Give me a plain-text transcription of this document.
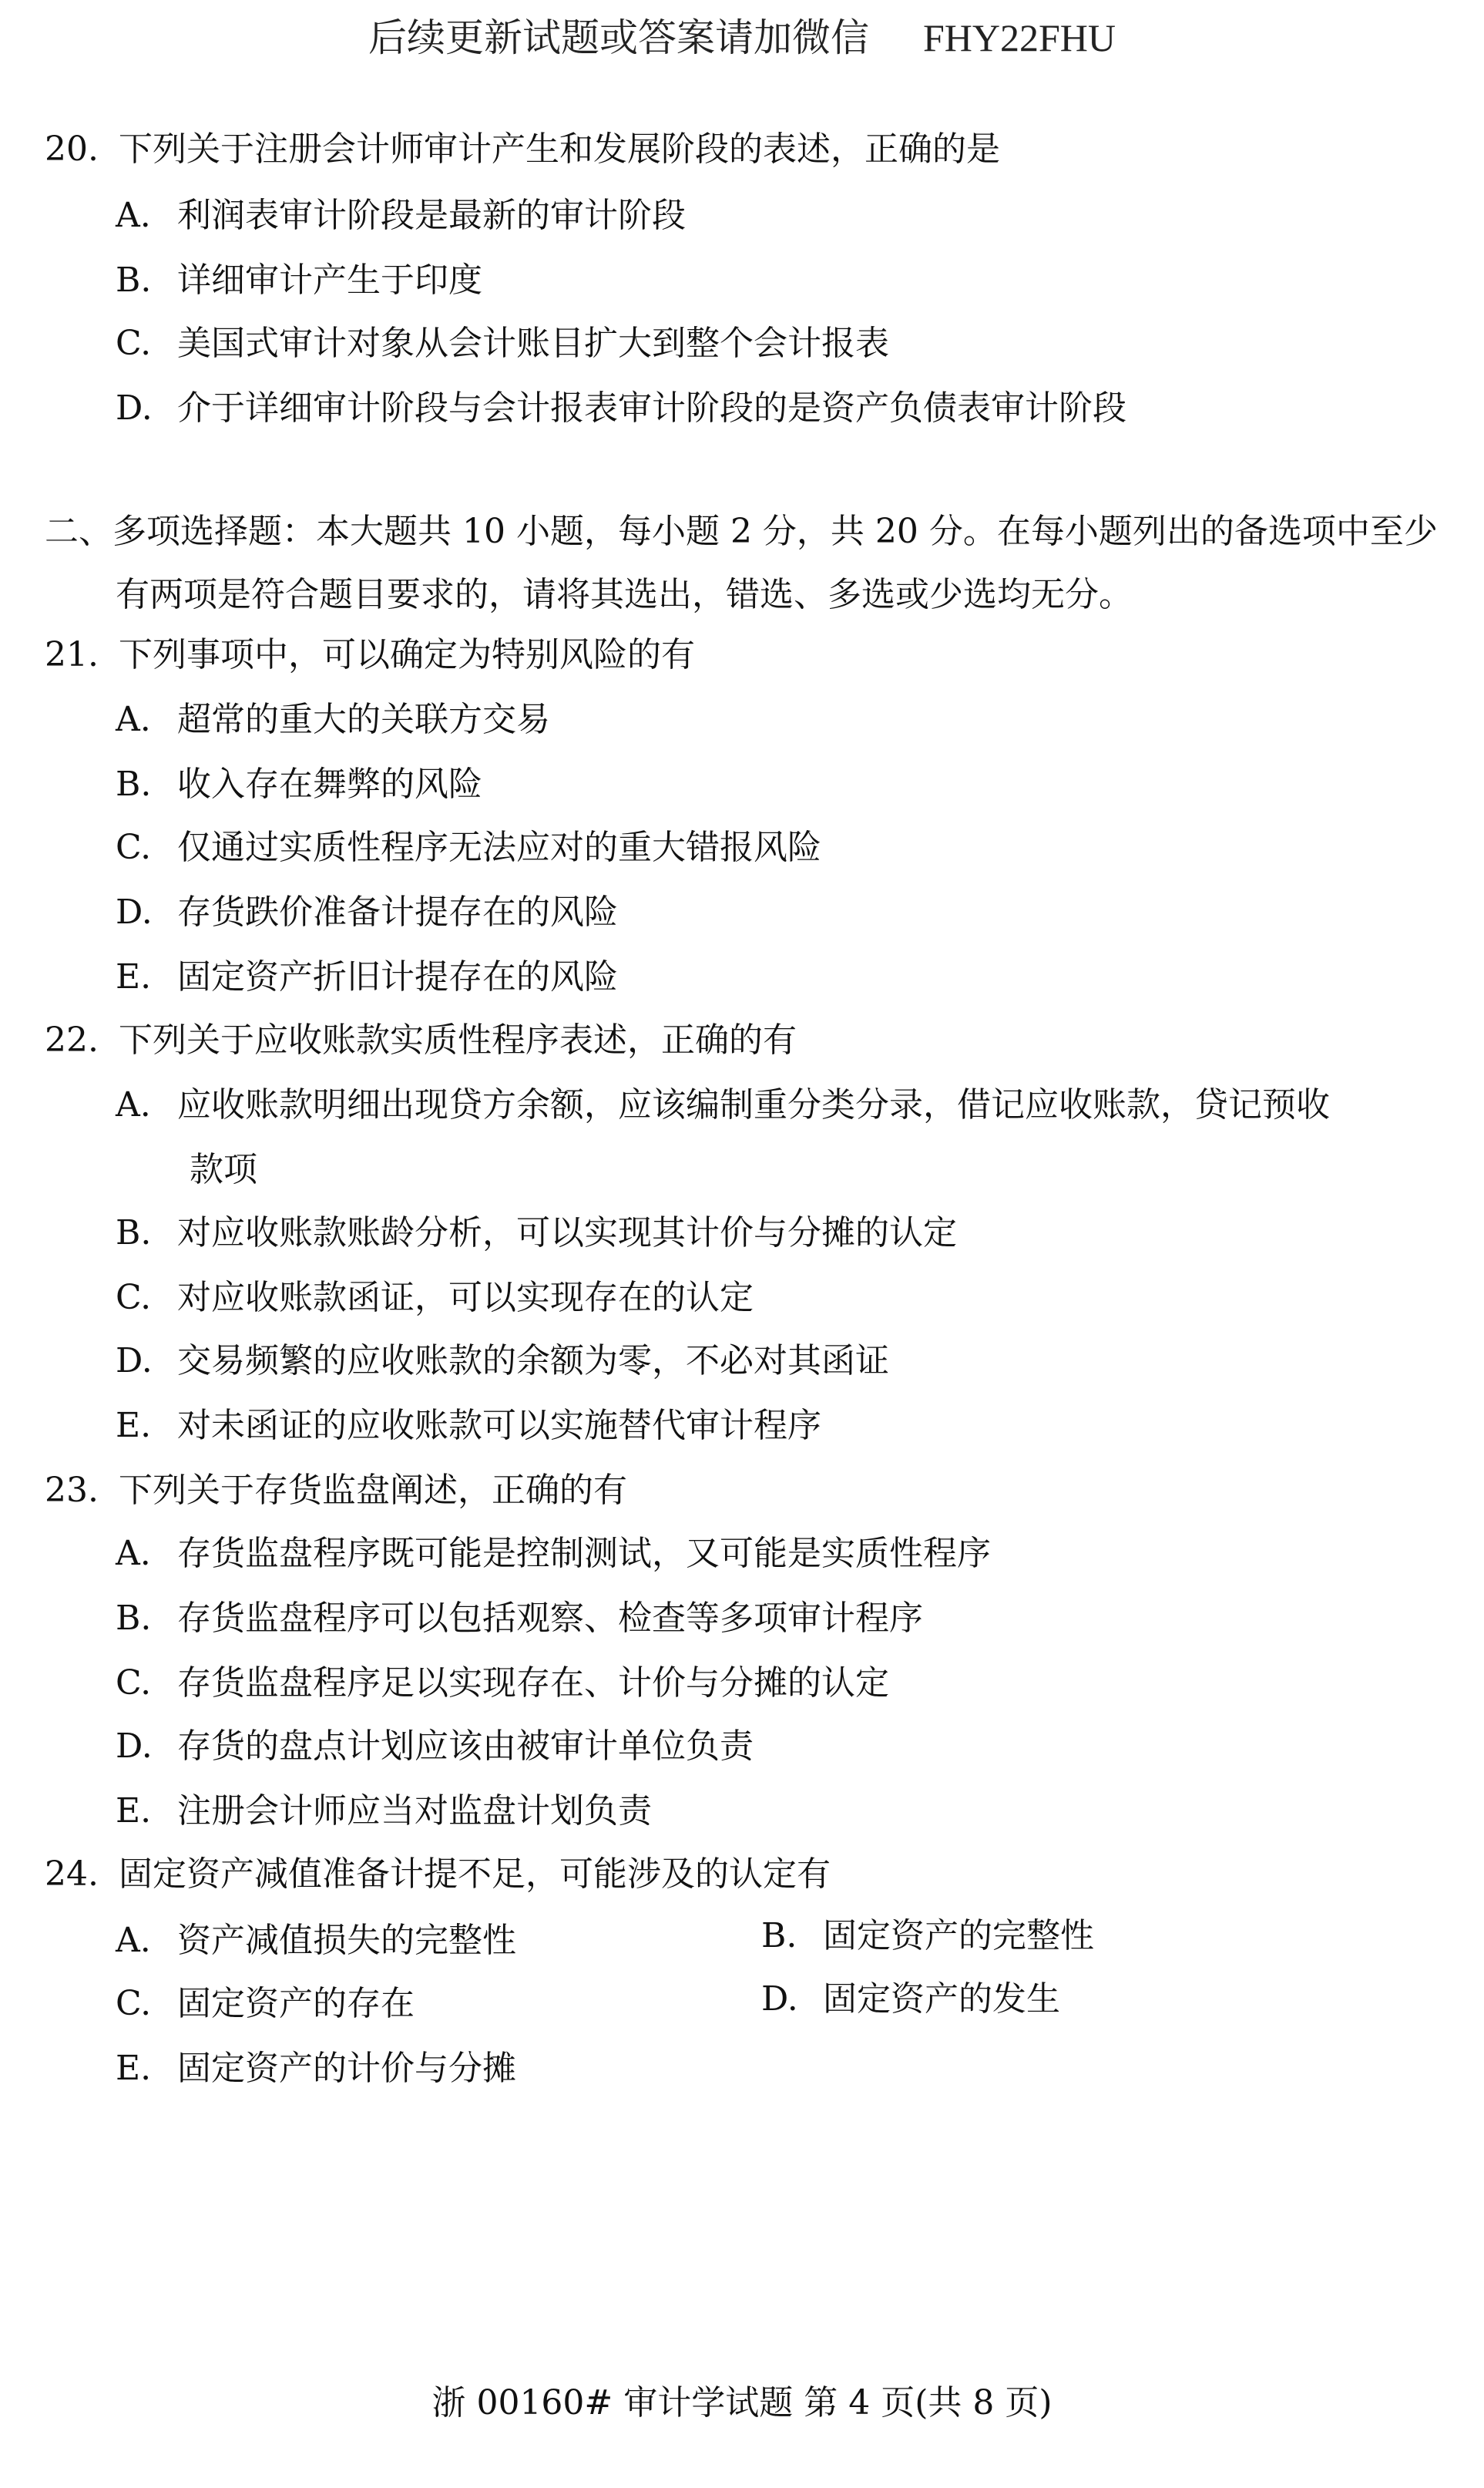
后续更新试题或答案请加微信 FHY22FHU
20. 下列关于注册会计师审计产生和发展阶段的表述，正确的是
A. 利润表审计阶段是最新的审计阶段
B. 详细审计产生于印度
C. 美国式审计对象从会计账目扩大到整个会计报表
D. 介于详细审计阶段与会计报表审计阶段的是资产负债表审计阶段
二、多项选择题：本大题共 10 小题，每小题 2 分，共 20 分。在每小题列出的备选项中至少
有两项是符合题目要求的，请将其选出，错选、多选或少选均无分。
21. 下列事项中，可以确定为特别风险的有
A. 超常的重大的关联方交易
B. 收入存在舞弊的风险
C. 仅通过实质性程序无法应对的重大错报风险
D. 存货跌价准备计提存在的风险
E. 固定资产折旧计提存在的风险
22. 下列关于应收账款实质性程序表述，正确的有
A. 应收账款明细出现贷方余额，应该编制重分类分录，借记应收账款，贷记预收
款项
B. 对应收账款账龄分析，可以实现其计价与分摊的认定
C. 对应收账款函证，可以实现存在的认定
D. 交易频繁的应收账款的余额为零，不必对其函证
E. 对未函证的应收账款可以实施替代审计程序
23. 下列关于存货监盘阐述，正确的有
A. 存货监盘程序既可能是控制测试，又可能是实质性程序
B. 存货监盘程序可以包括观察、检查等多项审计程序
C. 存货监盘程序足以实现存在、计价与分摊的认定
D. 存货的盘点计划应该由被审计单位负责
E. 注册会计师应当对监盘计划负责
24. 固定资产减值准备计提不足，可能涉及的认定有
A. 资产减值损失的完整性	B. 固定资产的完整性
C. 固定资产的存在	D. 固定资产的发生
E. 固定资产的计价与分摊
浙 00160# 审计学试题 第 4 页(共 8 页)
